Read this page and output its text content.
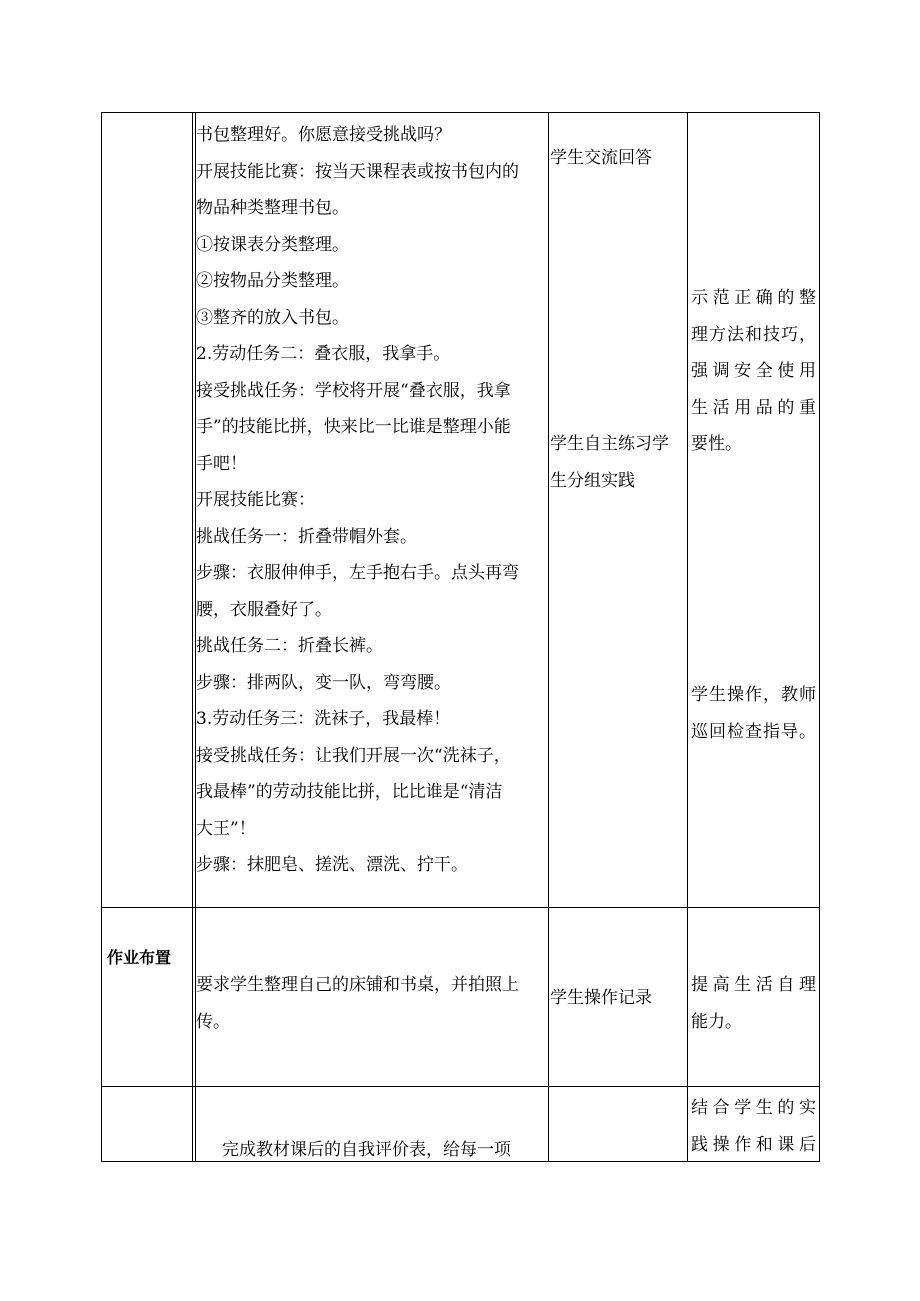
书包整理好。你愿意接受挑战吗？
开展技能比赛：按当天课程表或按书包内的
物品种类整理书包。
①按课表分类整理。
②按物品分类整理。
③整齐的放入书包。
2.劳动任务二：叠衣服，我拿手。
接受挑战任务：学校将开展“叠衣服，我拿
手”的技能比拼，快来比一比谁是整理小能
手吧！
开展技能比赛：
挑战任务一：折叠带帽外套。
步骤：衣服伸伸手，左手抱右手。点头再弯
腰，衣服叠好了。
挑战任务二：折叠长裤。
步骤：排两队，变一队，弯弯腰。
3.劳动任务三：洗袜子，我最棒！
接受挑战任务：让我们开展一次“洗袜子，
我最棒”的劳动技能比拼，比比谁是“清洁
大王”！
步骤：抹肥皂、搓洗、漂洗、拧干。
学生交流回答
学生自主练习学
生分组实践
示范正确的整
理方法和技巧，
强调安全使用
生活用品的重
要性。
学生操作，教师
巡回检查指导。
作业布置
要求学生整理自己的床铺和书桌，并拍照上
传。
学生操作记录
提高生活自理
能力。
完成教材课后的自我评价表，给每一项
结合学生的实
践操作和课后
